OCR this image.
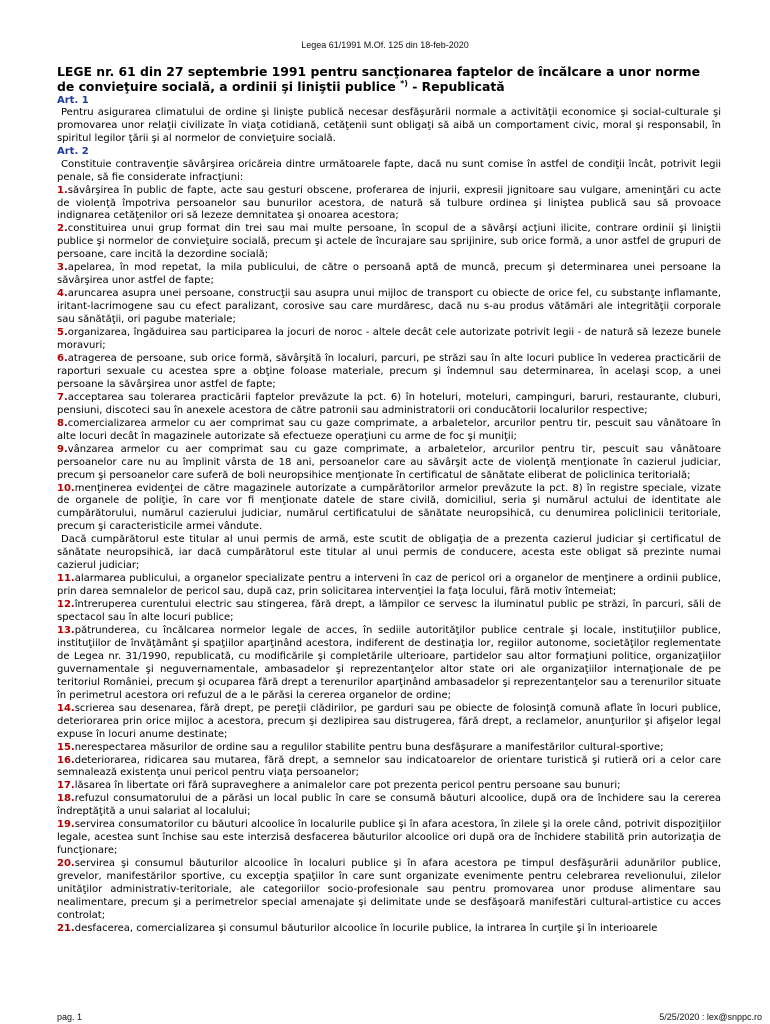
Legea 61/1991 M.Of. 125 din 18-feb-2020
LEGE nr. 61 din 27 septembrie 1991 pentru sancţionarea faptelor de încălcare a unor norme de convieţuire socială, a ordinii şi liniştii publice *) - Republicată
Art. 1

Pentru asigurarea climatului de ordine şi linişte publică necesar desfăşurării normale a activităţii economice şi social-culturale şi promovarea unor relaţii civilizate în viaţa cotidiană, cetăţenii sunt obligaţi să aibă un comportament civic, moral şi responsabil, în spiritul legilor ţării şi al normelor de convieţuire socială.

Art. 2

Constituie contravenţie săvârşirea oricăreia dintre următoarele fapte, dacă nu sunt comise în astfel de condiţii încât, potrivit legii penale, să fie considerate infracţiuni:

1.săvârşirea în public de fapte, acte sau gesturi obscene, proferarea de injurii, expresii jignitoare sau vulgare, ameninţări cu acte de violenţă împotriva persoanelor sau bunurilor acestora, de natură să tulbure ordinea şi liniştea publică sau să provoace indignarea cetăţenilor ori să lezeze demnitatea şi onoarea acestora;

2.constituirea unui grup format din trei sau mai multe persoane, în scopul de a săvârşi acţiuni ilicite, contrare ordinii şi liniştii publice şi normelor de convieţuire socială, precum şi actele de încurajare sau sprijinire, sub orice formă, a unor astfel de grupuri de persoane, care incită la dezordine socială;

3.apelarea, în mod repetat, la mila publicului, de către o persoană aptă de muncă, precum şi determinarea unei persoane la săvârşirea unor astfel de fapte;

4.aruncarea asupra unei persoane, construcţii sau asupra unui mijloc de transport cu obiecte de orice fel, cu substanţe inflamante, iritant-lacrimogene sau cu efect paralizant, corosive sau care murdăresc, dacă nu s-au produs vătămări ale integrităţii corporale sau sănătăţii, ori pagube materiale;

5.organizarea, îngăduirea sau participarea la jocuri de noroc - altele decât cele autorizate potrivit legii - de natură să lezeze bunele moravuri;

6.atragerea de persoane, sub orice formă, săvârşită în localuri, parcuri, pe străzi sau în alte locuri publice în vederea practicării de raporturi sexuale cu acestea spre a obţine foloase materiale, precum şi îndemnul sau determinarea, în acelaşi scop, a unei persoane la săvârşirea unor astfel de fapte;

7.acceptarea sau tolerarea practicării faptelor prevăzute la pct. 6) în hoteluri, moteluri, campinguri, baruri, restaurante, cluburi, pensiuni, discoteci sau în anexele acestora de către patronii sau administratorii ori conducătorii localurilor respective;

8.comercializarea armelor cu aer comprimat sau cu gaze comprimate, a arbaletelor, arcurilor pentru tir, pescuit sau vânătoare în alte locuri decât în magazinele autorizate să efectueze operaţiuni cu arme de foc şi muniţii;

9.vânzarea armelor cu aer comprimat sau cu gaze comprimate, a arbaletelor, arcurilor pentru tir, pescuit sau vânătoare persoanelor care nu au împlinit vârsta de 18 ani, persoanelor care au săvârşit acte de violenţă menţionate în cazierul judiciar, precum şi persoanelor care suferă de boli neuropsihice menţionate în certificatul de sănătate eliberat de policlinica teritorială;

10.menţinerea evidenţei de către magazinele autorizate a cumpărătorilor armelor prevăzute la pct. 8) în registre speciale, vizate de organele de poliţie, în care vor fi menţionate datele de stare civilă, domiciliul, seria şi numărul actului de identitate ale cumpărătorului, numărul cazierului judiciar, numărul certificatului de sănătate neuropsihică, cu denumirea policlinicii teritoriale, precum şi caracteristicile armei vândute.

Dacă cumpărătorul este titular al unui permis de armă, este scutit de obligaţia de a prezenta cazierul judiciar şi certificatul de sănătate neuropsihică, iar dacă cumpărătorul este titular al unui permis de conducere, acesta este obligat să prezinte numai cazierul judiciar;

11.alarmarea publicului, a organelor specializate pentru a interveni în caz de pericol ori a organelor de menţinere a ordinii publice, prin darea semnalelor de pericol sau, după caz, prin solicitarea intervenţiei la faţa locului, fără motiv întemeiat;

12.întreruperea curentului electric sau stingerea, fără drept, a lămpilor ce servesc la iluminatul public pe străzi, în parcuri, săli de spectacol sau în alte locuri publice;

13.pătrunderea, cu încălcarea normelor legale de acces, în sediile autorităţilor publice centrale şi locale, instituţiilor publice, instituţiilor de învăţământ şi spaţiilor aparţinând acestora, indiferent de destinaţia lor, regiilor autonome, societăţilor reglementate de Legea nr. 31/1990, republicată, cu modificările şi completările ulterioare, partidelor sau altor formaţiuni politice, organizaţiilor guvernamentale şi neguvernamentale, ambasadelor şi reprezentanţelor altor state ori ale organizaţiilor internaţionale de pe teritoriul României, precum şi ocuparea fără drept a terenurilor aparţinând ambasadelor şi reprezentanţelor sau a terenurilor situate în perimetrul acestora ori refuzul de a le părăsi la cererea organelor de ordine;

14.scrierea sau desenarea, fără drept, pe pereţii clădirilor, pe garduri sau pe obiecte de folosinţă comună aflate în locuri publice, deteriorarea prin orice mijloc a acestora, precum şi dezlipirea sau distrugerea, fără drept, a reclamelor, anunţurilor şi afişelor legal expuse în locuri anume destinate;

15.nerespectarea măsurilor de ordine sau a regulilor stabilite pentru buna desfăşurare a manifestărilor cultural-sportive;

16.deteriorarea, ridicarea sau mutarea, fără drept, a semnelor sau indicatoarelor de orientare turistică şi rutieră ori a celor care semnalează existenţa unui pericol pentru viaţa persoanelor;

17.lăsarea în libertate ori fără supraveghere a animalelor care pot prezenta pericol pentru persoane sau bunuri;

18.refuzul consumatorului de a părăsi un local public în care se consumă băuturi alcoolice, după ora de închidere sau la cererea îndreptăţită a unui salariat al localului;

19.servirea consumatorilor cu băuturi alcoolice în localurile publice şi în afara acestora, în zilele şi la orele când, potrivit dispoziţiilor legale, acestea sunt închise sau este interzisă desfacerea băuturilor alcoolice ori după ora de închidere stabilită prin autorizaţia de funcţionare;

20.servirea şi consumul băuturilor alcoolice în localuri publice şi în afara acestora pe timpul desfăşurării adunărilor publice, grevelor, manifestărilor sportive, cu excepţia spaţiilor în care sunt organizate evenimente pentru celebrarea revelionului, zilelor unităţilor administrativ-teritoriale, ale categoriilor socio-profesionale sau pentru promovarea unor produse alimentare sau nealimentare, precum şi a perimetrelor special amenajate şi delimitate unde se desfăşoară manifestări cultural-artistice cu acces controlat;

21.desfacerea, comercializarea şi consumul băuturilor alcoolice în locurile publice, la intrarea în curţile şi în interioarele

pag. 1	5/25/2020 : lex@snppc.ro
